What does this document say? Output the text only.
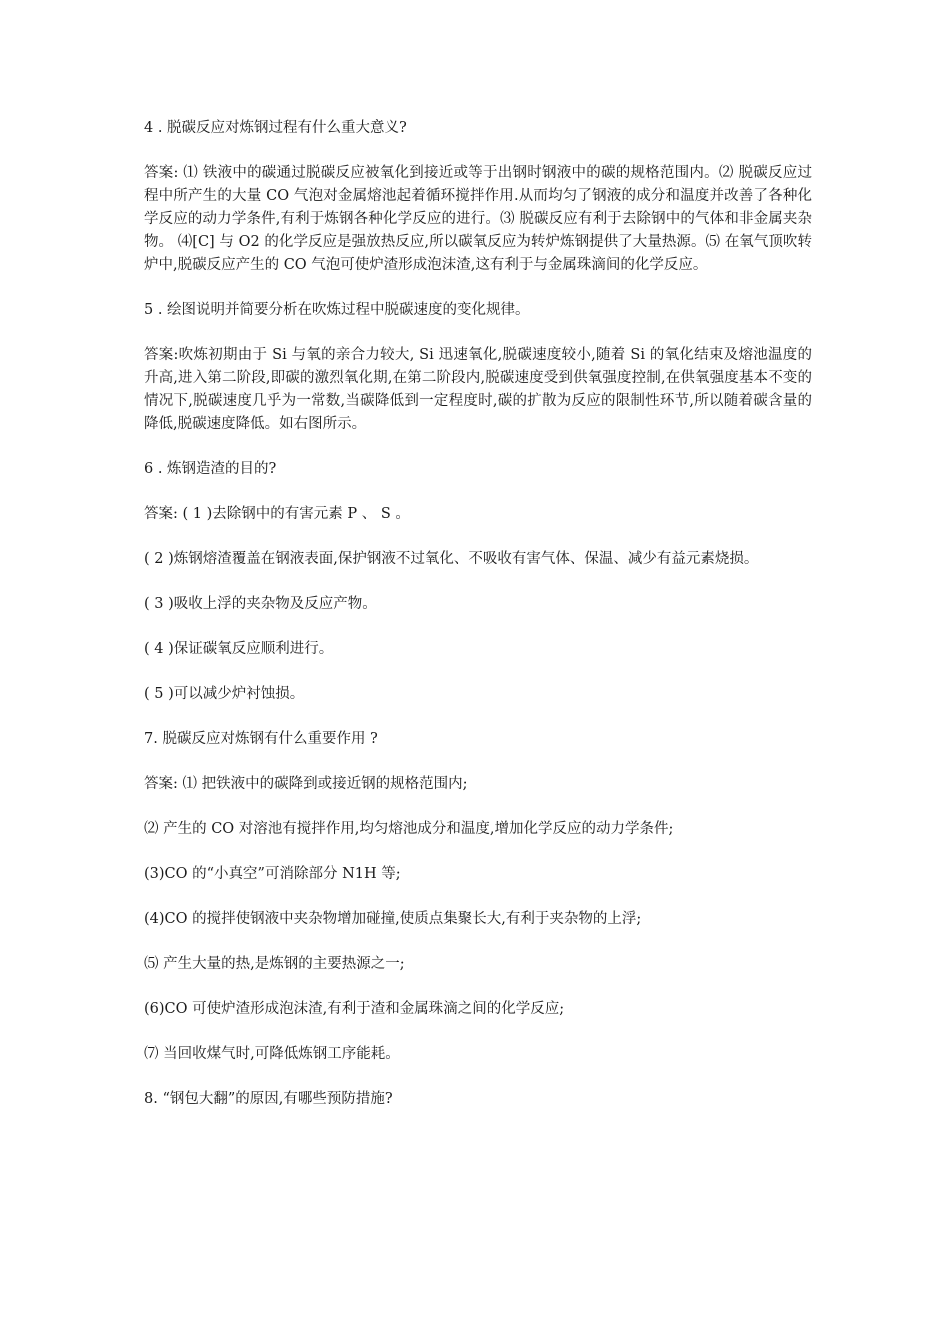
4 . 脱碳反应对炼钢过程有什么重大意义?

答案: ⑴ 铁液中的碳通过脱碳反应被氧化到接近或等于出钢时钢液中的碳的规格范围内。⑵ 脱碳反应过程中所产生的大量 CO 气泡对金属熔池起着循环搅拌作用.从而均匀了钢液的成分和温度并改善了各种化学反应的动力学条件,有利于炼钢各种化学反应的进行。⑶ 脱碳反应有利于去除钢中的气体和非金属夹杂物。 ⑷[C] 与 O2 的化学反应是强放热反应,所以碳氧反应为转炉炼钢提供了大量热源。⑸ 在氧气顶吹转炉中,脱碳反应产生的 CO 气泡可使炉渣形成泡沫渣,这有利于与金属珠滴间的化学反应。

5 . 绘图说明并简要分析在吹炼过程中脱碳速度的变化规律。

答案:吹炼初期由于 Si 与氧的亲合力较大, Si 迅速氧化,脱碳速度较小,随着 Si 的氧化结束及熔池温度的升高,进入第二阶段,即碳的激烈氧化期,在第二阶段内,脱碳速度受到供氧强度控制,在供氧强度基本不变的情况下,脱碳速度几乎为一常数,当碳降低到一定程度时,碳的扩散为反应的限制性环节,所以随着碳含量的降低,脱碳速度降低。如右图所示。

6 . 炼钢造渣的目的?

答案: ( 1 )去除钢中的有害元素 P 、 S 。

( 2 )炼钢熔渣覆盖在钢液表面,保护钢液不过氧化、不吸收有害气体、保温、减少有益元素烧损。

( 3 )吸收上浮的夹杂物及反应产物。

( 4 )保证碳氧反应顺利进行。

( 5 )可以减少炉衬蚀损。

7. 脱碳反应对炼钢有什么重要作用 ?

答案: ⑴ 把铁液中的碳降到或接近钢的规格范围内;

⑵ 产生的 CO 对溶池有搅拌作用,均匀熔池成分和温度,增加化学反应的动力学条件;

(3)CO 的“小真空”可消除部分 N1H 等;

(4)CO 的搅拌使钢液中夹杂物增加碰撞,使质点集聚长大,有利于夹杂物的上浮;

⑸ 产生大量的热,是炼钢的主要热源之一;

(6)CO 可使炉渣形成泡沫渣,有利于渣和金属珠滴之间的化学反应;

⑺ 当回收煤气时,可降低炼钢工序能耗。

8. “钢包大翻”的原因,有哪些预防措施?
